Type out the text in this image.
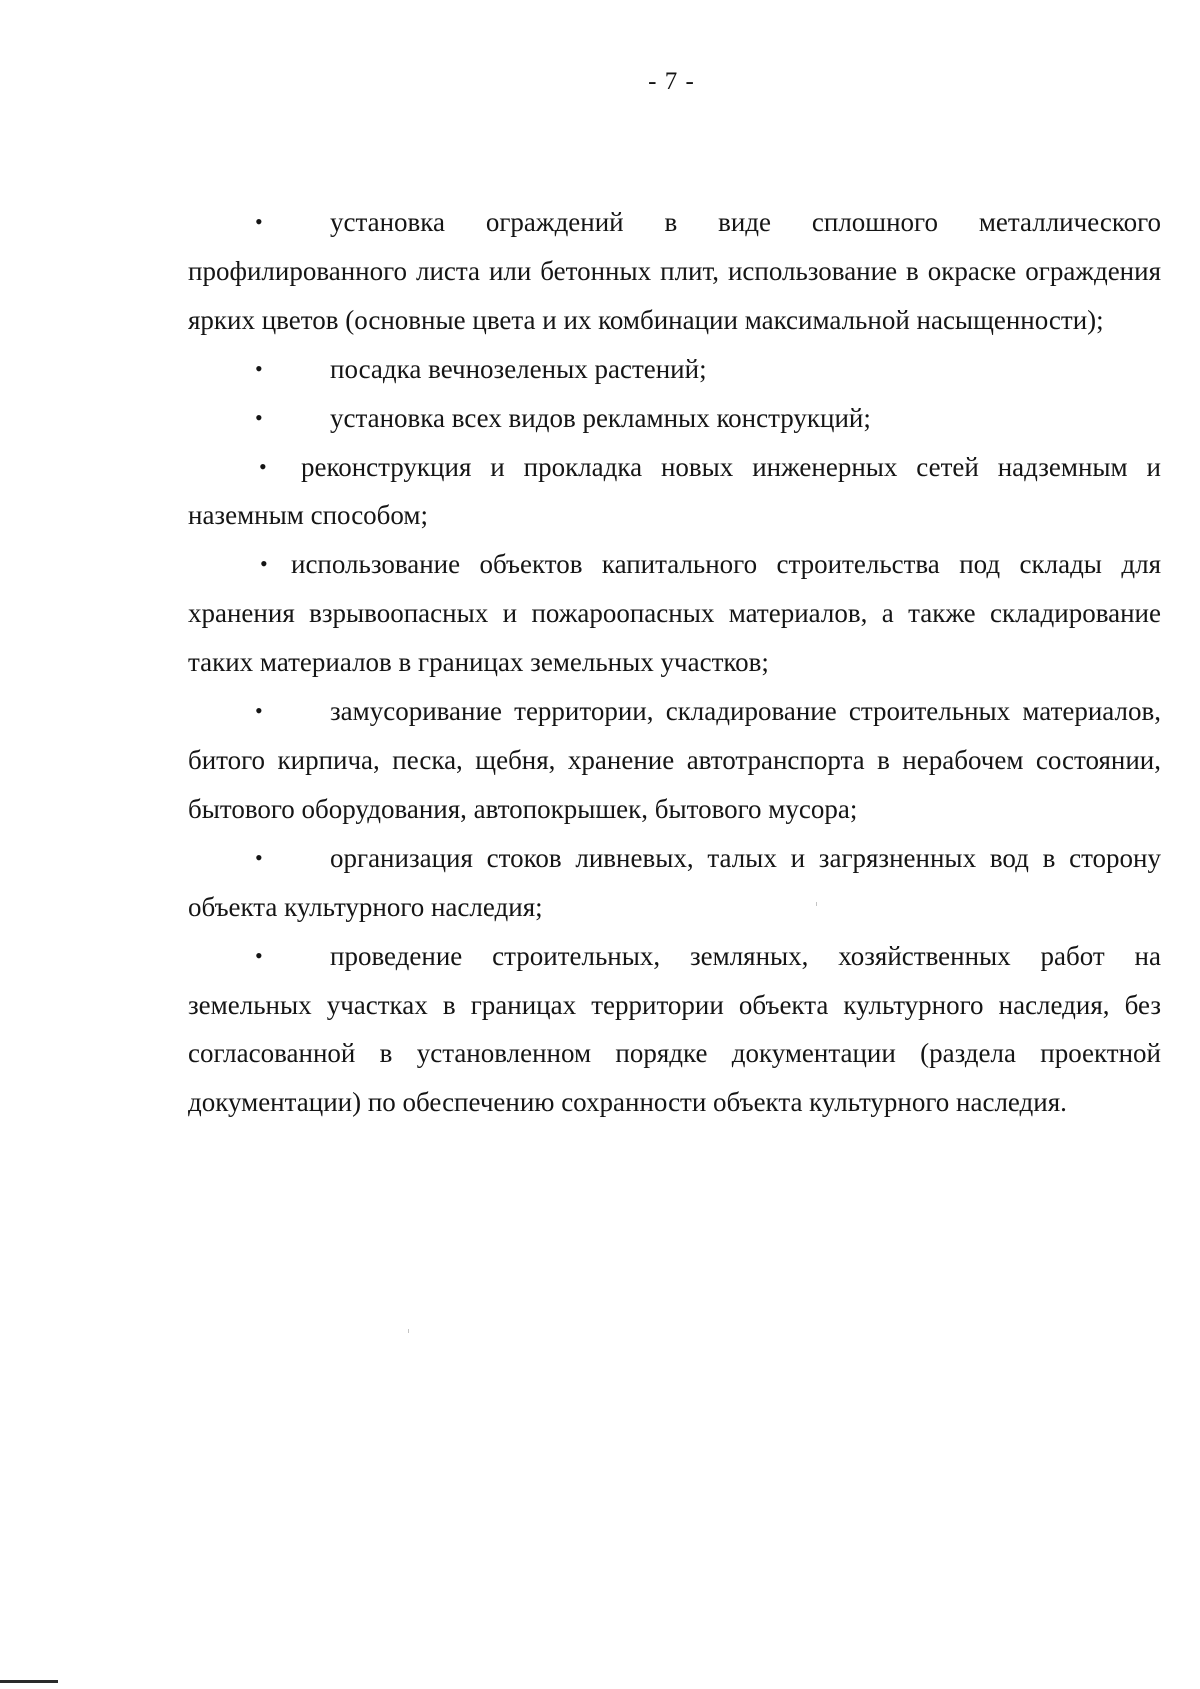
- 7 -

• установка ограждений в виде сплошного металлического профилированного листа или бетонных плит, использование в окраске ограждения ярких цветов (основные цвета и их комбинации максимальной насыщенности);

• посадка вечнозеленых растений;

• установка всех видов рекламных конструкций;

• реконструкция и прокладка новых инженерных сетей надземным и наземным способом;

• использование объектов капитального строительства под склады для хранения взрывоопасных и пожароопасных материалов, а также складирование таких материалов в границах земельных участков;

• замусоривание территории, складирование строительных материалов, битого кирпича, песка, щебня, хранение автотранспорта в нерабочем состоянии, бытового оборудования, автопокрышек, бытового мусора;

• организация стоков ливневых, талых и загрязненных вод в сторону объекта культурного наследия;

• проведение строительных, земляных, хозяйственных работ на земельных участках в границах территории объекта культурного наследия, без согласованной в установленном порядке документации (раздела проектной документации) по обеспечению сохранности объекта культурного наследия.
